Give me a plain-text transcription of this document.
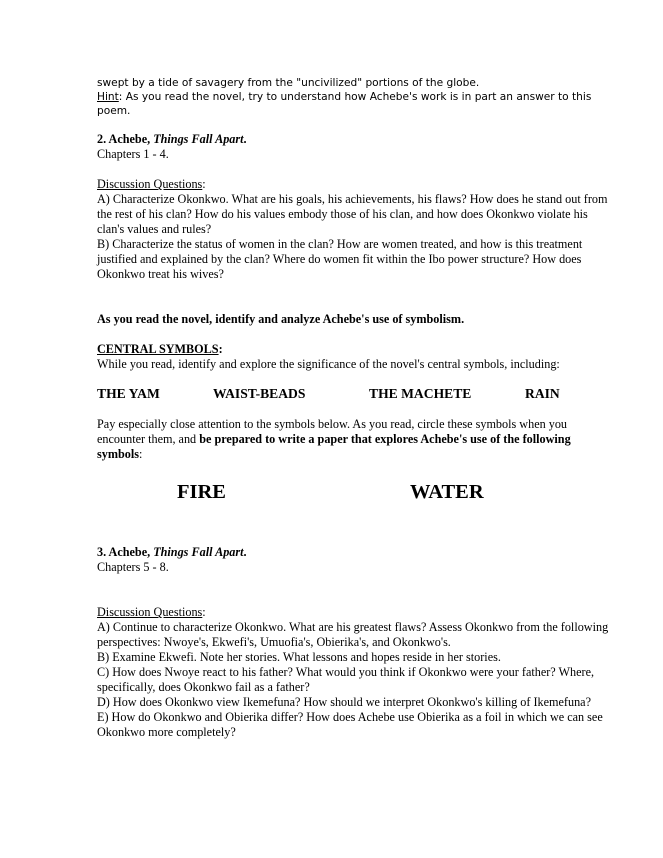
swept by a tide of savagery from the "uncivilized" portions of the globe.

Hint: As you read the novel, try to understand how Achebe's work is in part an answer to this poem.

2. Achebe, Things Fall Apart.

Chapters 1 - 4.

Discussion Questions:

A) Characterize Okonkwo. What are his goals, his achievements, his flaws? How does he stand out from the rest of his clan? How do his values embody those of his clan, and how does Okonkwo violate his clan's values and rules?

B) Characterize the status of women in the clan? How are women treated, and how is this treatment justified and explained by the clan? Where do women fit within the Ibo power structure? How does Okonkwo treat his wives?

As you read the novel, identify and analyze Achebe's use of symbolism.

CENTRAL SYMBOLS:

While you read, identify and explore the significance of the novel's central symbols, including:

THE YAM	WAIST-BEADS	THE MACHETE	RAIN

Pay especially close attention to the symbols below. As you read, circle these symbols when you encounter them, and be prepared to write a paper that explores Achebe's use of the following symbols:

FIRE	WATER

3. Achebe, Things Fall Apart.

Chapters 5 - 8.

Discussion Questions:

A) Continue to characterize Okonkwo. What are his greatest flaws? Assess Okonkwo from the following perspectives: Nwoye's, Ekwefi's, Umuofia's, Obierika's, and Okonkwo's.

B) Examine Ekwefi. Note her stories. What lessons and hopes reside in her stories.

C) How does Nwoye react to his father? What would you think if Okonkwo were your father? Where, specifically, does Okonkwo fail as a father?

D) How does Okonkwo view Ikemefuna? How should we interpret Okonkwo's killing of Ikemefuna?

E) How do Okonkwo and Obierika differ? How does Achebe use Obierika as a foil in which we can see Okonkwo more completely?
